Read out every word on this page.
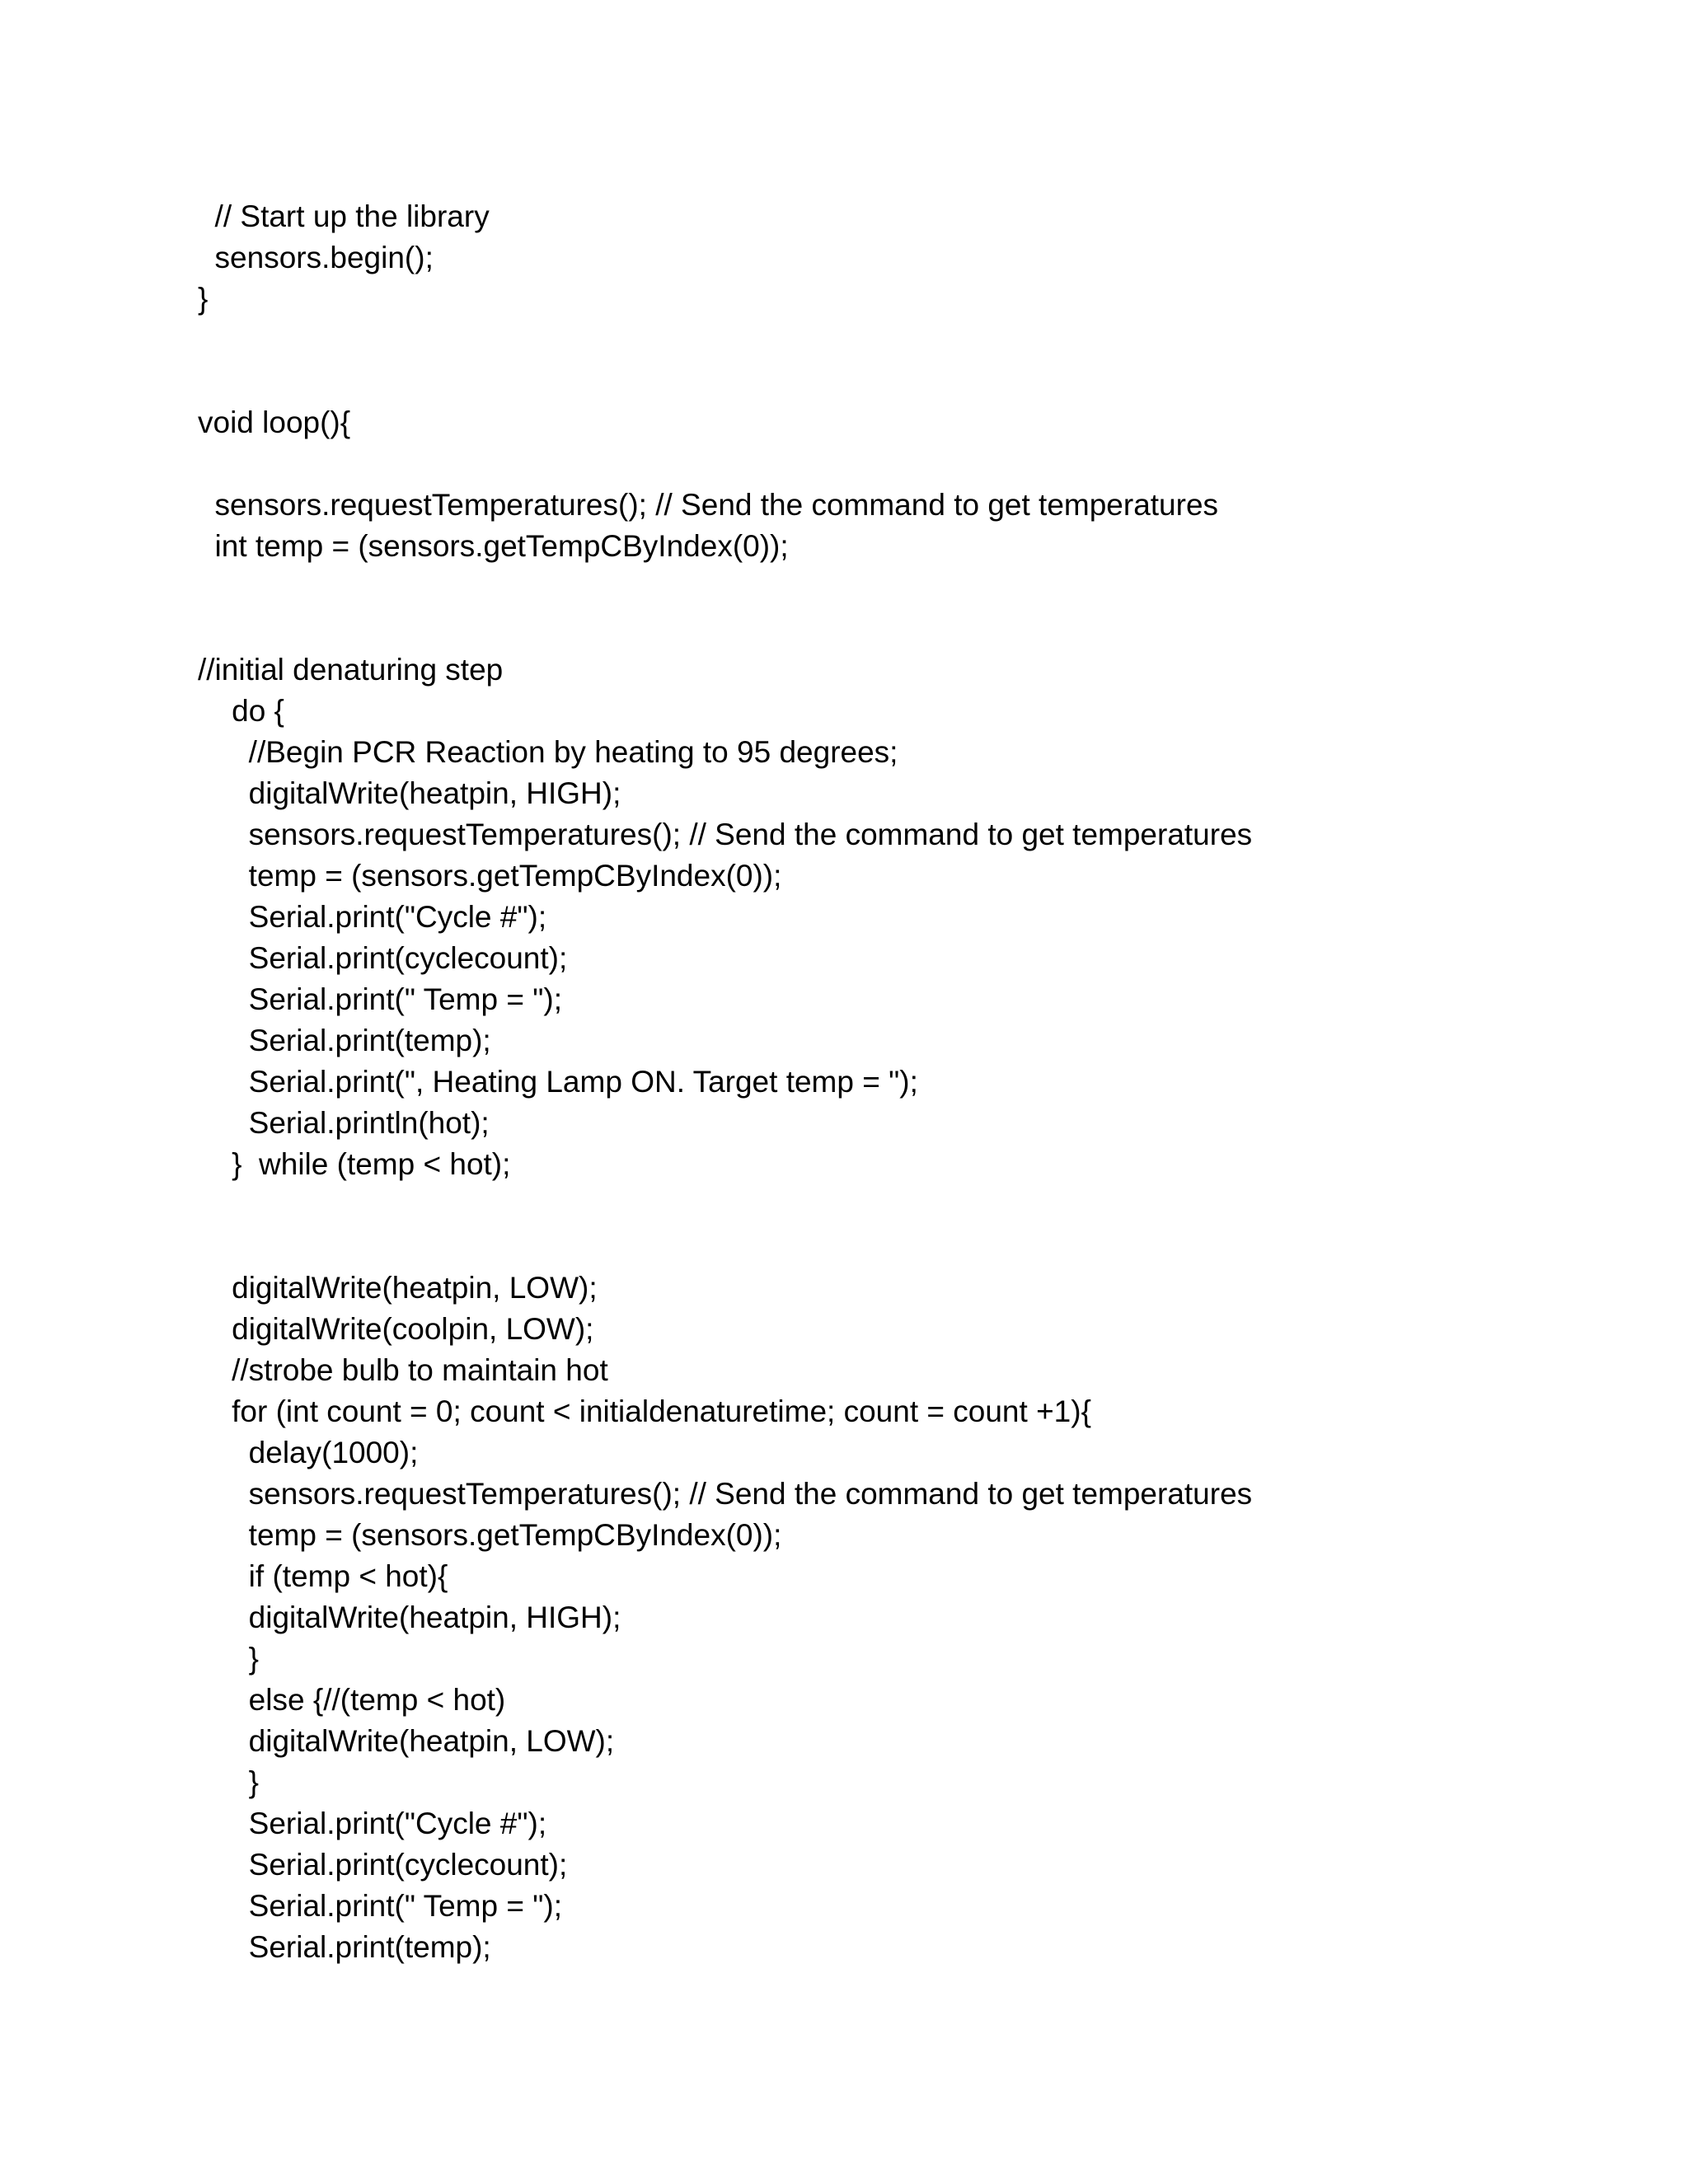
// Start up the library
sensors.begin();
}
void loop(){
sensors.requestTemperatures(); // Send the command to get temperatures
int temp = (sensors.getTempCByIndex(0));
//initial denaturing step
do {
//Begin PCR Reaction by heating to 95 degrees;
digitalWrite(heatpin, HIGH);
sensors.requestTemperatures(); // Send the command to get temperatures
temp = (sensors.getTempCByIndex(0));
Serial.print("Cycle #");
Serial.print(cyclecount);
Serial.print(" Temp = ");
Serial.print(temp);
Serial.print(", Heating Lamp ON. Target temp = ");
Serial.println(hot);
}  while (temp < hot);
digitalWrite(heatpin, LOW);
digitalWrite(coolpin, LOW);
//strobe bulb to maintain hot
for (int count = 0; count < initialdenaturetime; count = count +1){
delay(1000);
sensors.requestTemperatures(); // Send the command to get temperatures
temp = (sensors.getTempCByIndex(0));
if (temp < hot){
digitalWrite(heatpin, HIGH);
}
else {//(temp < hot)
digitalWrite(heatpin, LOW);
}
Serial.print("Cycle #");
Serial.print(cyclecount);
Serial.print(" Temp = ");
Serial.print(temp);
